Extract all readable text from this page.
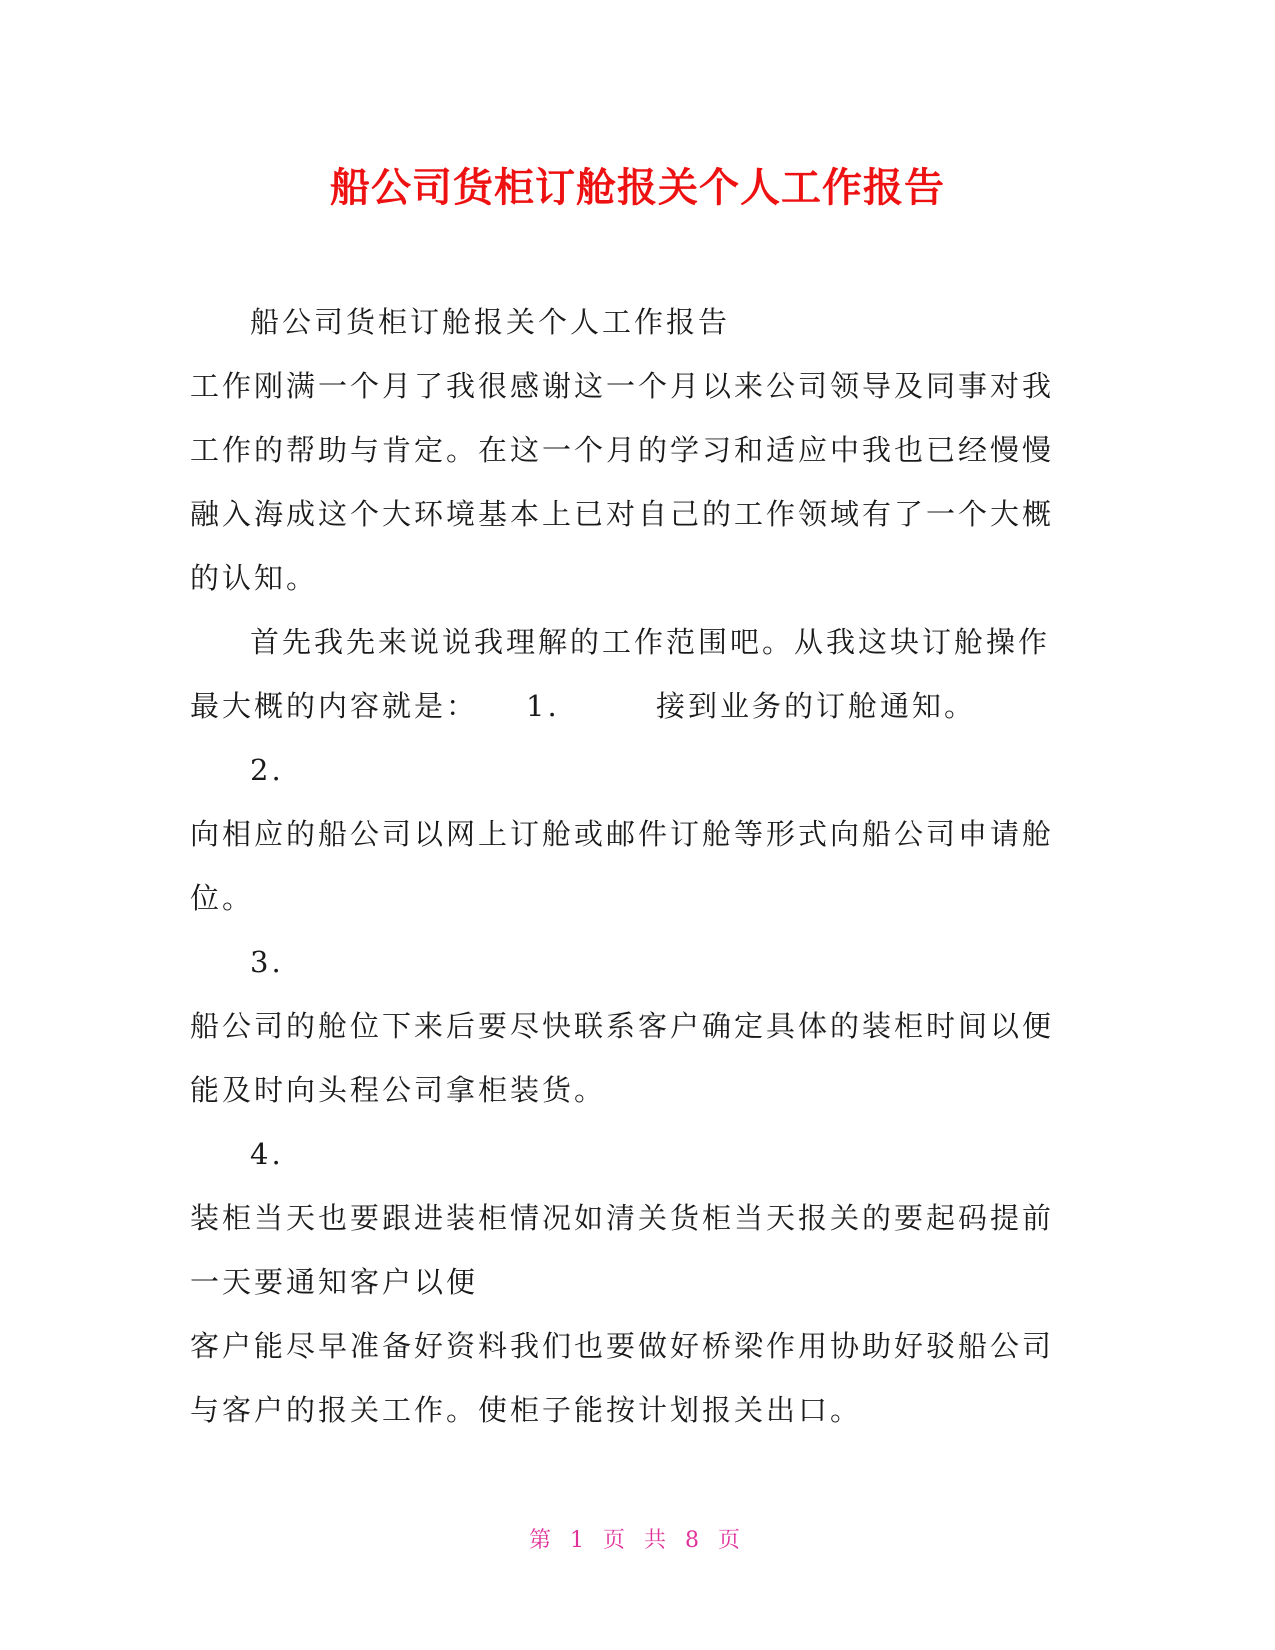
船公司货柜订舱报关个人工作报告
船公司货柜订舱报关个人工作报告
工作刚满一个月了我很感谢这一个月以来公司领导及同事对我
工作的帮助与肯定。在这一个月的学习和适应中我也已经慢慢
融入海成这个大环境基本上已对自己的工作领域有了一个大概
的认知。
首先我先来说说我理解的工作范围吧。从我这块订舱操作
最大概的内容就是： 1.	接到业务的订舱通知。
2.
向相应的船公司以网上订舱或邮件订舱等形式向船公司申请舱
位。
3.
船公司的舱位下来后要尽快联系客户确定具体的装柜时间以便
能及时向头程公司拿柜装货。
4.
装柜当天也要跟进装柜情况如清关货柜当天报关的要起码提前
一天要通知客户以便
客户能尽早准备好资料我们也要做好桥梁作用协助好驳船公司
与客户的报关工作。使柜子能按计划报关出口。
第 1 页 共 8 页
